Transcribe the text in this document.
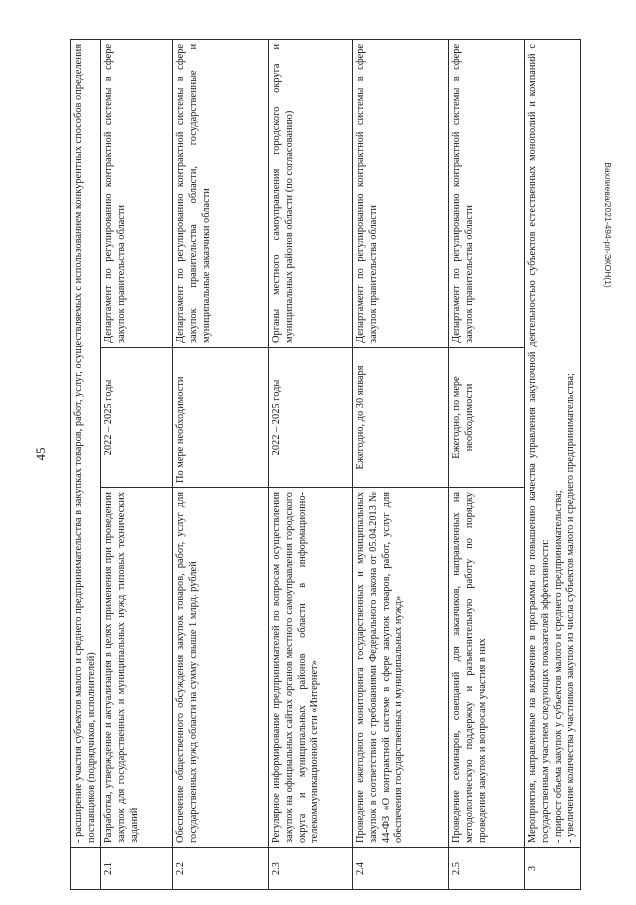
45
Вахлиева/2021-494-рп-ЭКОН(1)
	- расширение участия субъектов малого и среднего предпринимательства в закупках товаров, работ, услуг, осуществляемых с использованием конкурентных способов определения поставщиков (подрядчиков, исполнителей)		
2.1	Разработка, утверждение и актуализация в целях применения при проведении закупок для государственных и муниципальных нужд типовых технических заданий	2022 – 2025 годы	Департамент по регулированию контрактной системы в сфере закупок правительства области
2.2	Обеспечение общественного обсуждения закупок товаров, работ, услуг для государственных нужд области на сумму свыше 1 млрд. рублей	По мере необходимости	Департамент по регулированию контрактной системы в сфере закупок правительства области, государственные и муниципальные заказчики области
2.3	Регулярное информирование предпринимателей по вопросам осуществления закупок на официальных сайтах органов местного самоуправления городского округа и муниципальных районов области в информационно-телекоммуникационной сети «Интернет»	2022 – 2025 годы	Органы местного самоуправления городского округа и муниципальных районов области (по согласованию)
2.4	Проведение ежегодного мониторинга государственных и муниципальных закупок в соответствии с требованиями Федерального закона от 05.04.2013 № 44-ФЗ «О контрактной системе в сфере закупок товаров, работ, услуг для обеспечения государственных и муниципальных нужд»	Ежегодно, до 30 января	Департамент по регулированию контрактной системы в сфере закупок правительства области
2.5	Проведение семинаров, совещаний для заказчиков, направленных на методологическую поддержку и разъяснительную работу по порядку проведения закупок и вопросам участия в них	Ежегодно, по мере необходимости	Департамент по регулированию контрактной системы в сфере закупок правительства области
3	Мероприятия, направленные на включение в программы по повышению качества управления закупочной деятельностью субъектов естественных монополий и компаний с государственным участием следующих показателей эффективности: - прирост объема закупок у субъектов малого и среднего предпринимательства; - увеличение количества участников закупок из числа субъектов малого и среднего предпринимательства;		
